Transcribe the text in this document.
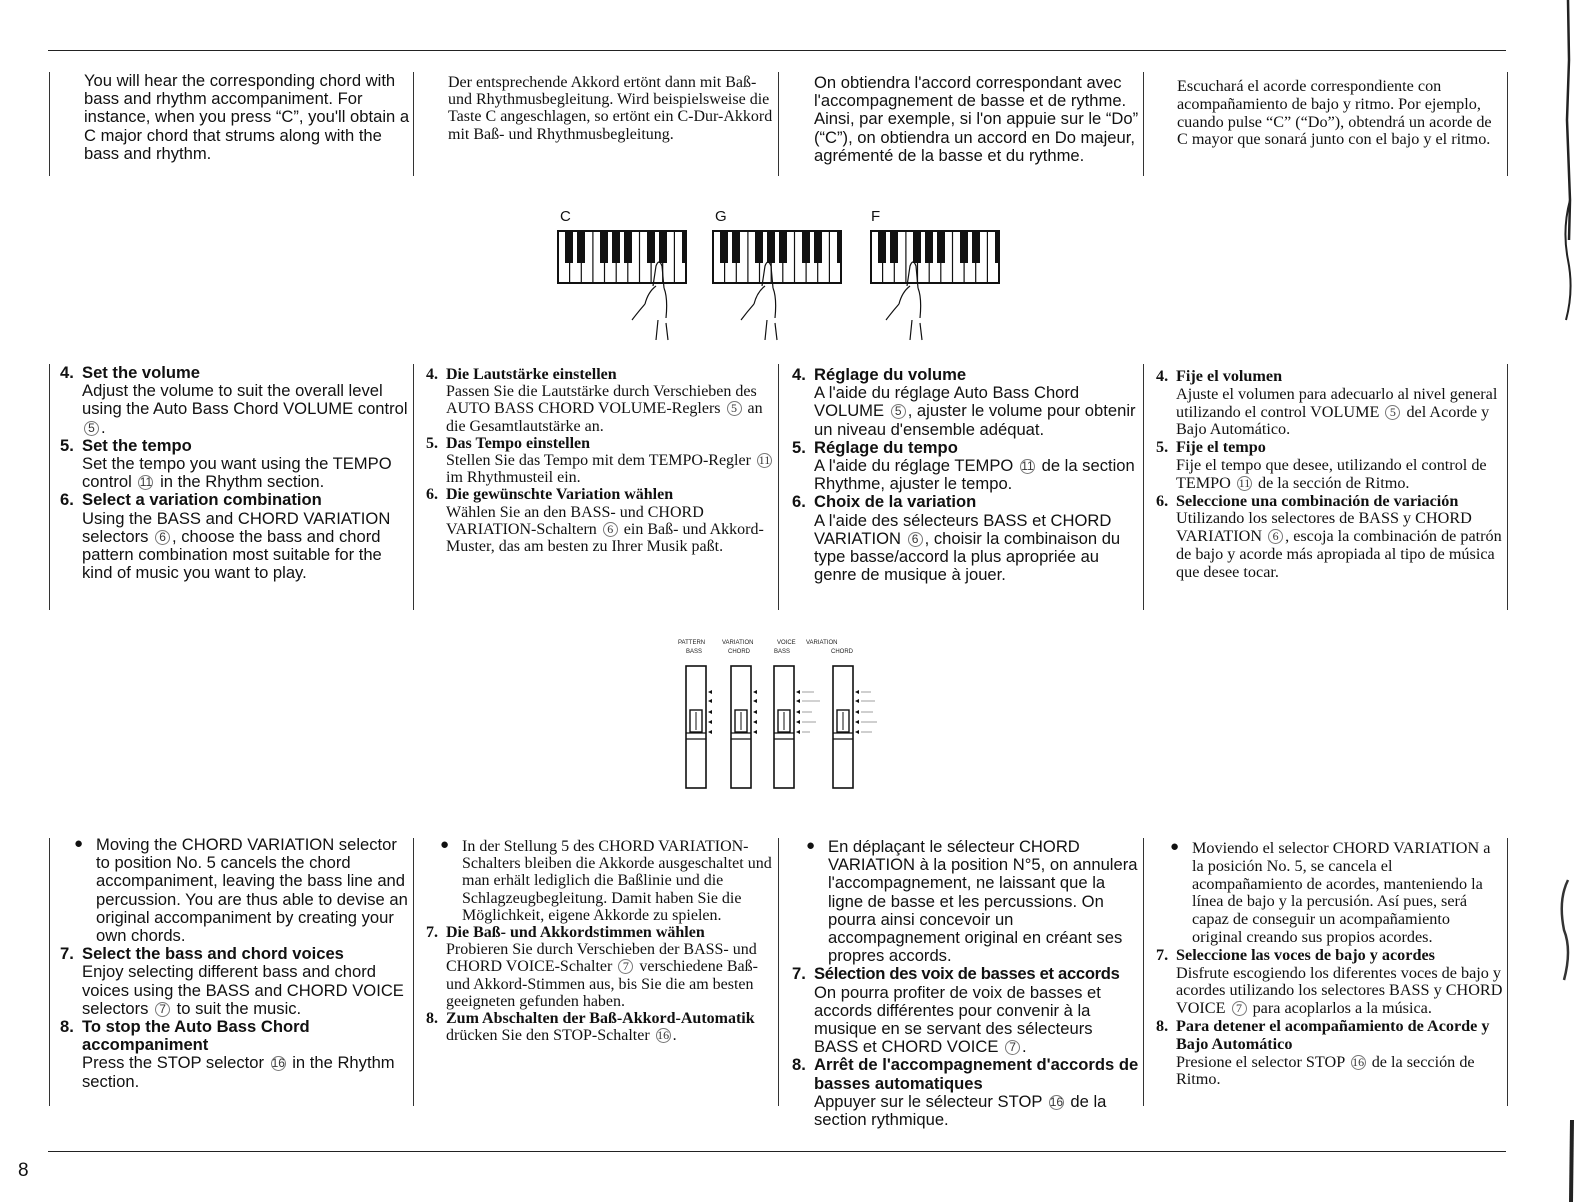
You will hear the corresponding chord with bass and rhythm accompaniment. For instance, when you press “C”, you'll obtain a C major chord that strums along with the bass and rhythm.

Der entsprechende Akkord ertönt dann mit Baß- und Rhythmusbegleitung. Wird beispielsweise die Taste C angeschlagen, so ertönt ein C-Dur-Akkord mit Baß- und Rhythmusbegleitung.

On obtiendra l'accord correspondant avec l'accompagnement de basse et de rythme. Ainsi, par exemple, si l'on appuie sur le “Do” (“C”), on obtiendra un accord en Do majeur, agrémenté de la basse et du rythme.

Escuchará el acorde correspondiente con acompañamiento de bajo y ritmo. Por ejemplo, cuando pulse “C” (“Do”), obtendrá un acorde de C mayor que sonará junto con el bajo y el ritmo.

C	G	F
4. Set the volume
Adjust the volume to suit the overall level using the Auto Bass Chord VOLUME control 5 .
5. Set the tempo
Set the tempo you want using the TEMPO control 11 in the Rhythm section.
6. Select a variation combination
Using the BASS and CHORD VARIATION selectors 6 , choose the bass and chord pattern combination most suitable for the kind of music you want to play.
4. Die Lautstärke einstellen
Passen Sie die Lautstärke durch Verschieben des AUTO BASS CHORD VOLUME-Reglers 5 an die Gesamtlautstärke an.
5. Das Tempo einstellen
Stellen Sie das Tempo mit dem TEMPO-Regler 11 im Rhythmusteil ein.
6. Die gewünschte Variation wählen
Wählen Sie an den BASS- und CHORD VARIATION-Schaltern 6 ein Baß- und Akkord-Muster, das am besten zu Ihrer Musik paßt.
4. Réglage du volume
A l'aide du réglage Auto Bass Chord VOLUME 5 , ajuster le volume pour obtenir un niveau d'ensemble adéquat.
5. Réglage du tempo
A l'aide du réglage TEMPO 11 de la section Rhythme, ajuster le tempo.
6. Choix de la variation
A l'aide des sélecteurs BASS et CHORD VARIATION 6 , choisir la combinaison du type basse/accord la plus apropriée au genre de musique à jouer.
4. Fije el volumen
Ajuste el volumen para adecuarlo al nivel general utilizando el control VOLUME 5 del Acorde y Bajo Automático.
5. Fije el tempo
Fije el tempo que desee, utilizando el control de TEMPO 11 de la sección de Ritmo.
6. Seleccione una combinación de variación
Utilizando los selectores de BASS y CHORD VARIATION 6 , escoja la combinación de patrón de bajo y acorde más apropiada al tipo de música que desee tocar.
PATTERN	VARIATION	VOICE VARIATION
BASS	CHORD	BASS	CHORD
● Moving the CHORD VARIATION selector to position No. 5 cancels the chord accompaniment, leaving the bass line and percussion. You are thus able to devise an original accompaniment by creating your own chords.
7. Select the bass and chord voices
Enjoy selecting different bass and chord voices using the BASS and CHORD VOICE selectors 7 to suit the music.
8. To stop the Auto Bass Chord accompaniment
Press the STOP selector 16 in the Rhythm section.
● In der Stellung 5 des CHORD VARIATION-Schalters bleiben die Akkorde ausgeschaltet und man erhält lediglich die Baßlinie und die Schlagzeugbegleitung. Damit haben Sie die Möglichkeit, eigene Akkorde zu spielen.
7. Die Baß- und Akkordstimmen wählen
Probieren Sie durch Verschieben der BASS- und CHORD VOICE-Schalter 7 verschiedene Baß- und Akkord-Stimmen aus, bis Sie die am besten geeigneten gefunden haben.
8. Zum Abschalten der Baß-Akkord-Automatik drücken Sie den STOP-Schalter 16 .
● En déplaçant le sélecteur CHORD VARIATION à la position N°5, on annulera l'accompagnement, ne laissant que la ligne de basse et les percussions. On pourra ainsi concevoir un accompagnement original en créant ses propres accords.
7. Sélection des voix de basses et accords
On pourra profiter de voix de basses et accords différentes pour convenir à la musique en se servant des sélecteurs BASS et CHORD VOICE 7 .
8. Arrêt de l'accompagnement d'accords de basses automatiques
Appuyer sur le sélecteur STOP 16 de la section rythmique.
● Moviendo el selector CHORD VARIATION a la posición No. 5, se cancela el acompañamiento de acordes, manteniendo la línea de bajo y la percusión. Así pues, será capaz de conseguir un acompañamiento original creando sus propios acordes.
7. Seleccione las voces de bajo y acordes
Disfrute escogiendo los diferentes voces de bajo y acordes utilizando los selectores BASS y CHORD VOICE 7 para acoplarlos a la música.
8. Para detener el acompañamiento de Acorde y Bajo Automático
Presione el selector STOP 16 de la sección de Ritmo.
8
